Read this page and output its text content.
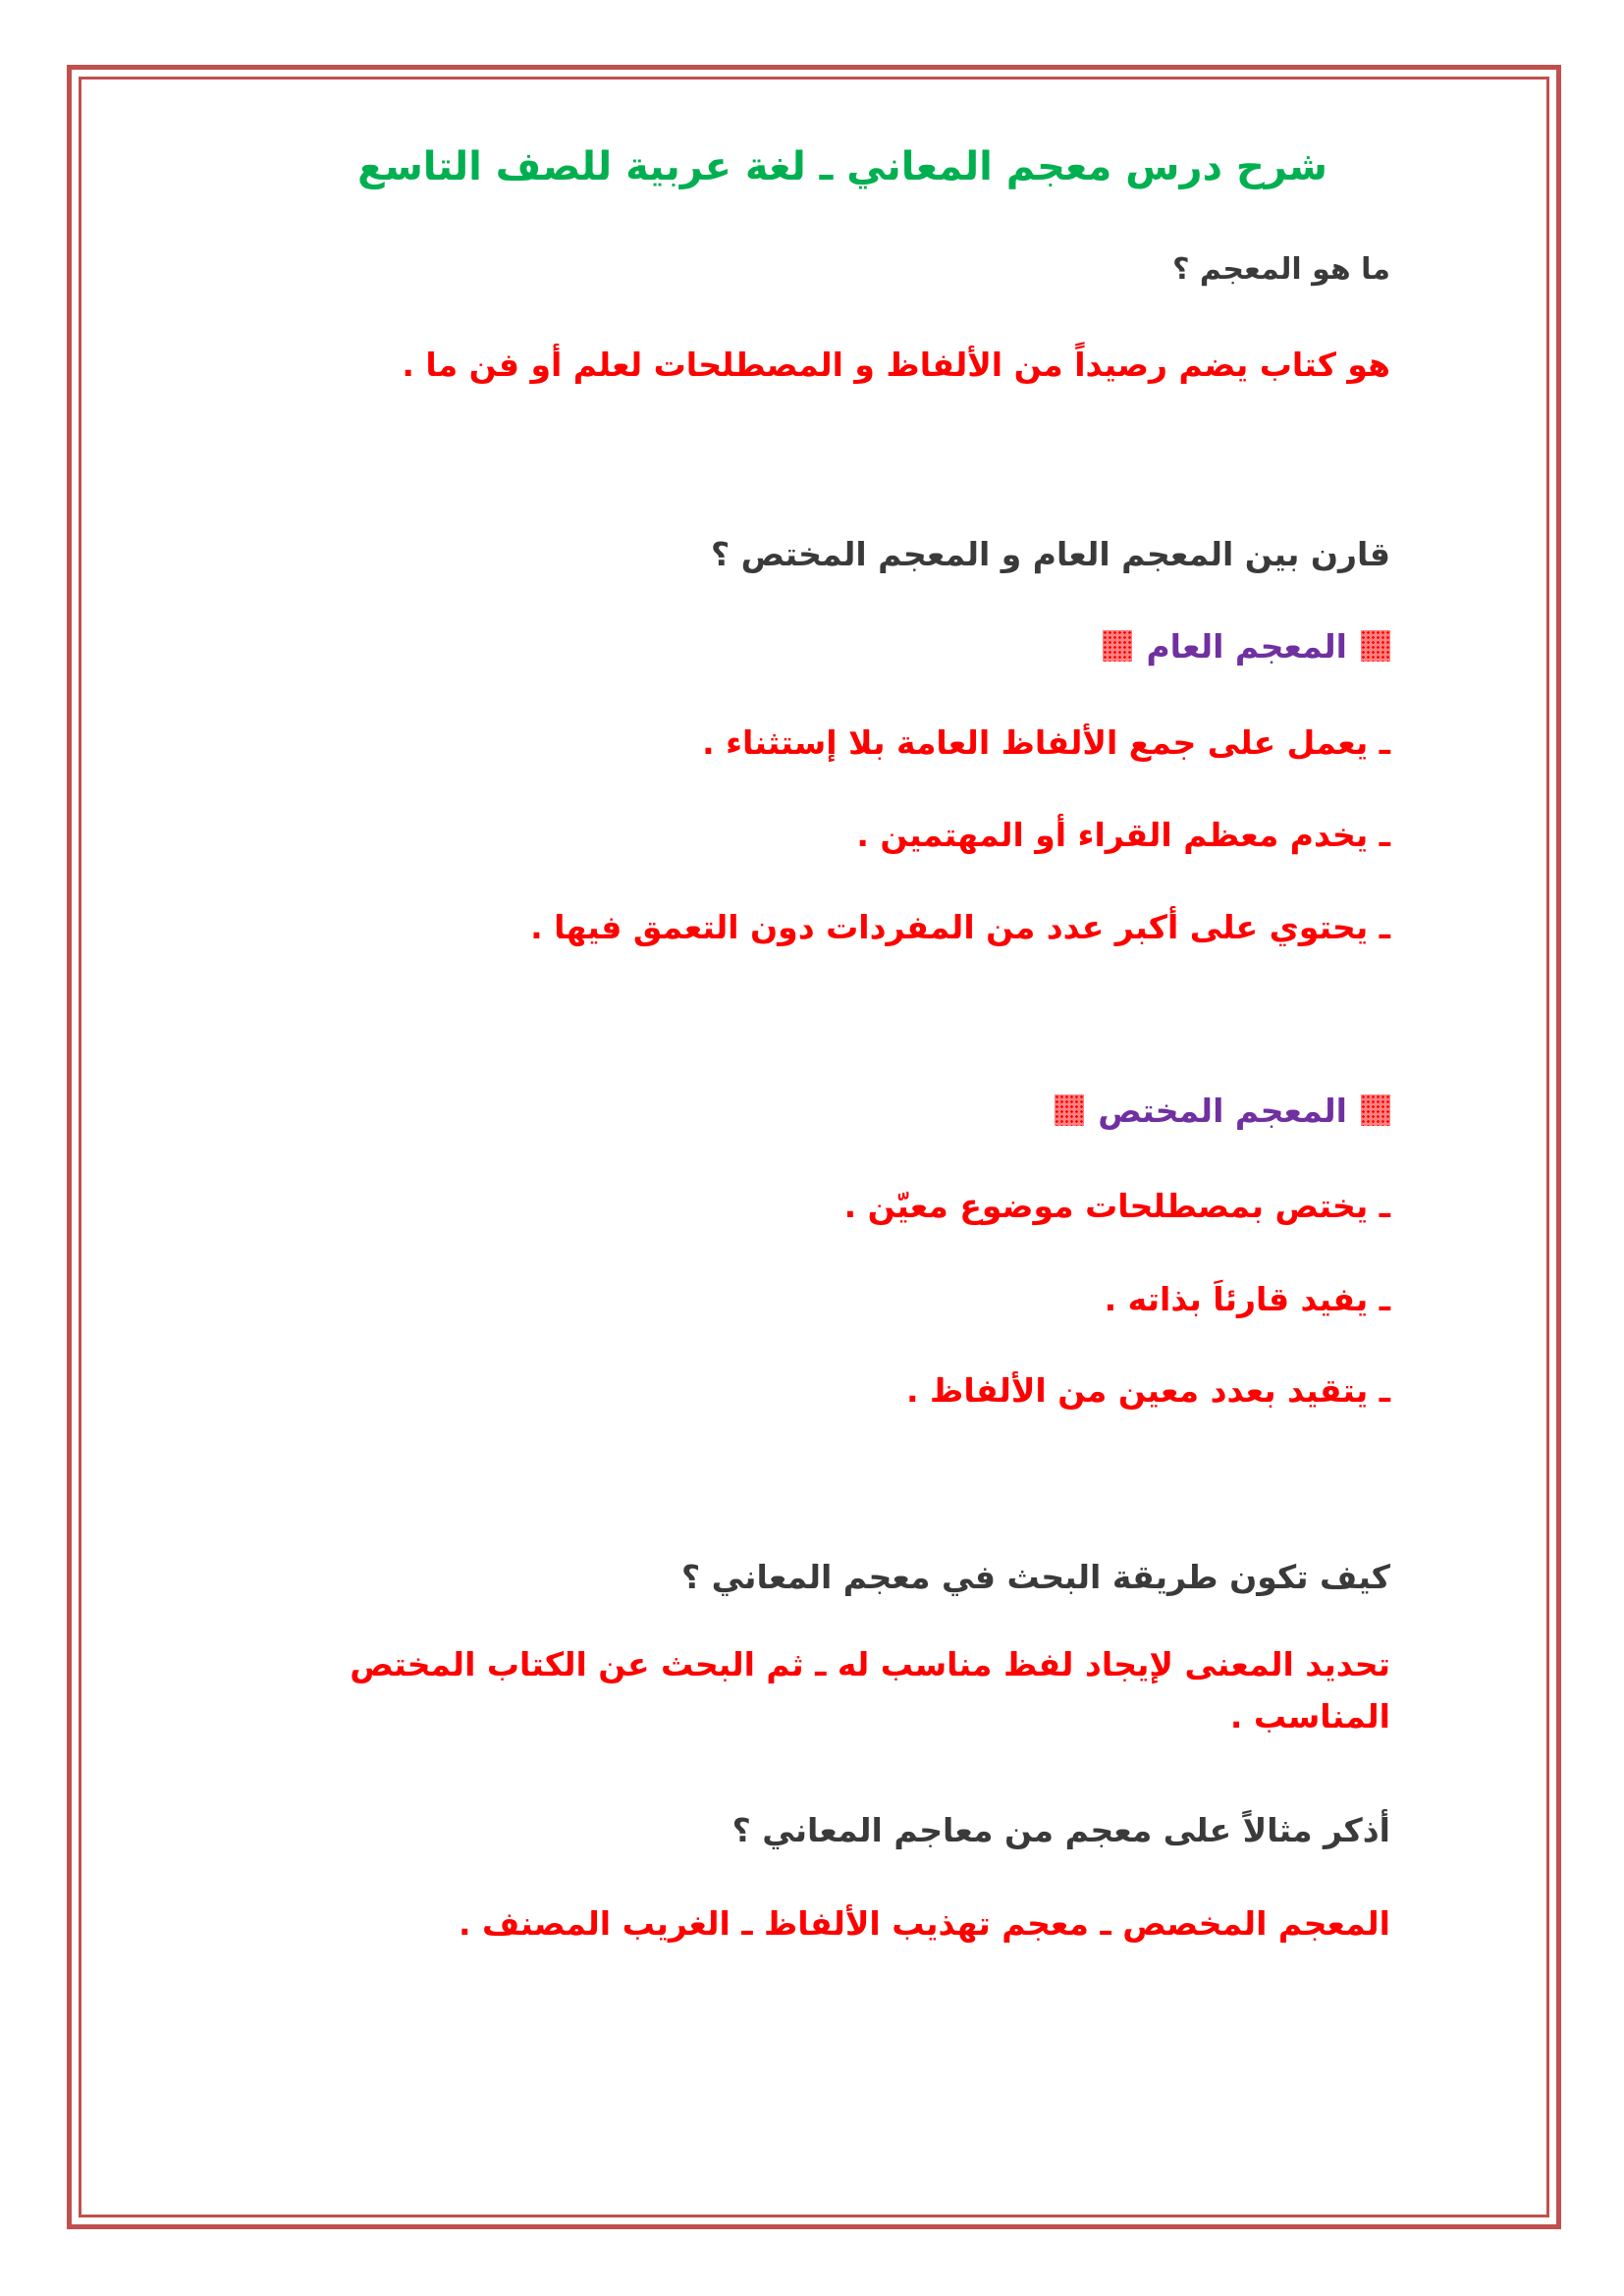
شرح درس معجم المعاني ـ لغة عربية للصف التاسع

ما هو المعجم ؟

هو كتاب يضم رصيداً من الألفاظ و المصطلحات لعلم أو فن ما .

قارن بين المعجم العام و المعجم المختص ؟

المعجم العام

ـ يعمل على جمع الألفاظ العامة بلا إستثناء .

ـ يخدم معظم القراء أو المهتمين .

ـ يحتوي على أكبر عدد من المفردات دون التعمق فيها .

المعجم المختص

ـ يختص بمصطلحات موضوع معيّن .

ـ يفيد قارئاَ بذاته .

ـ يتقيد بعدد معين من الألفاظ .

كيف تكون طريقة البحث في معجم المعاني ؟

تحديد المعنى لإيجاد لفظ مناسب له ـ ثم البحث عن الكتاب المختص المناسب .

أذكر مثالاً على معجم من معاجم المعاني ؟

المعجم المخصص ـ معجم تهذيب الألفاظ ـ الغريب المصنف .
